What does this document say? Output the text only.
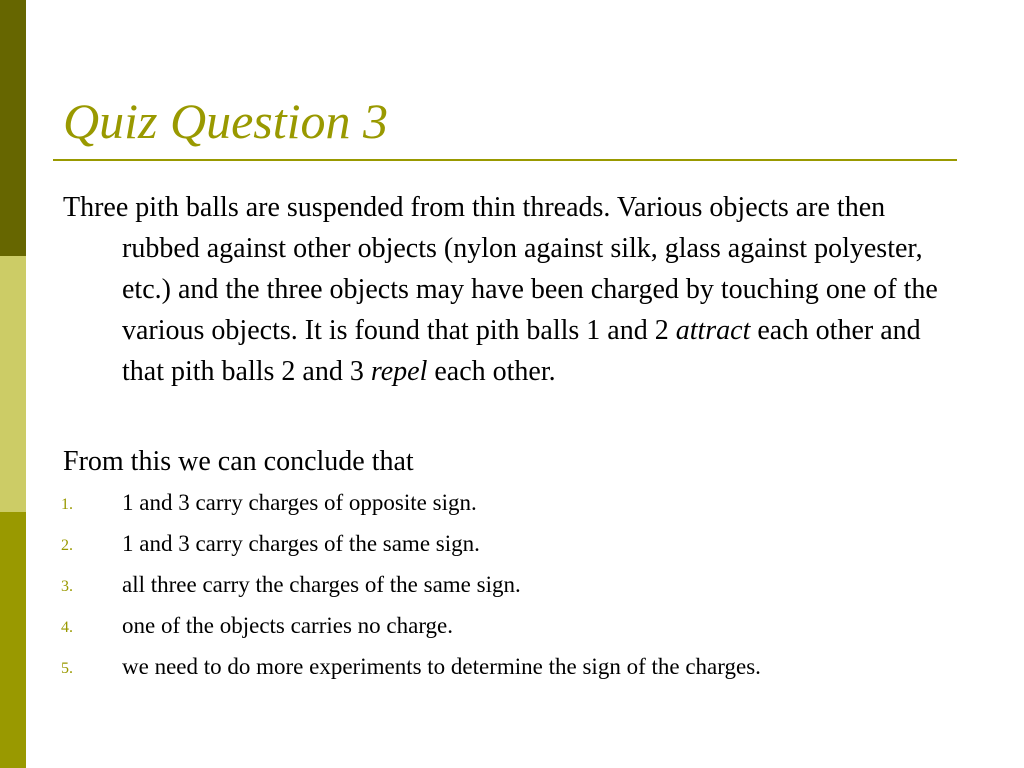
Quiz Question 3

Three pith balls are suspended from thin threads. Various objects are then rubbed against other objects (nylon against silk, glass against polyester, etc.) and the three objects may have been charged by touching one of the various objects. It is found that pith balls 1 and 2 attract each other and that pith balls 2 and 3 repel each other.

From this we can conclude that

1. 1 and 3 carry charges of opposite sign.
2. 1 and 3 carry charges of the same sign.
3. all three carry the charges of the same sign.
4. one of the objects carries no charge.
5. we need to do more experiments to determine the sign of the charges.
